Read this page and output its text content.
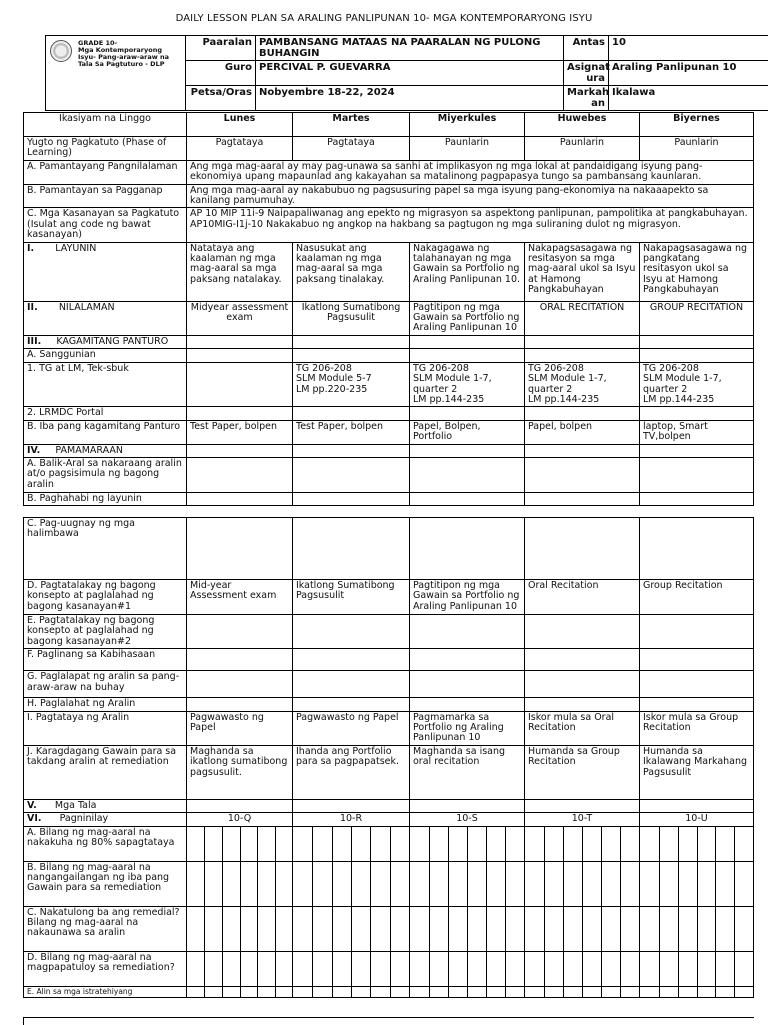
DAILY LESSON PLAN SA ARALING PANLIPUNAN 10- MGA KONTEMPORARYONG ISYU
GRADE 10-
Mga Kontemporaryong
Isyu- Pang-araw-araw na
Tala Sa Pagtuturo - DLP	Paaralan	PAMBANSANG MATAAS NA PAARALAN NG PULONG BUHANGIN	Antas	10
	Guro	PERCIVAL P. GUEVARRA	Asignat
ura	Araling Panlipunan 10
	Petsa/Oras	Nobyembre 18-22, 2024	Markah
an	Ikalawa
Ikasiyam na Linggo	Lunes	Martes	Miyerkules	Huwebes	Biyernes
Yugto ng Pagkatuto (Phase of Learning)	Pagtataya	Pagtataya	Paunlarin	Paunlarin	Paunlarin
A. Pamantayang Pangnilalaman	Ang mga mag-aaral ay may pag-unawa sa sanhi at implikasyon ng mga lokal at pandaidigang isyung pang-ekonomiya upang mapaunlad ang kakayahan sa matalinong pagpapasya tungo sa pambansang kaunlaran.				
B. Pamantayan sa Pagganap	Ang mga mag-aaral ay nakabubuo ng pagsusuring papel sa mga isyung pang-ekonomiya na nakaaapekto sa kanilang pamumuhay.				
C. Mga Kasanayan sa Pagkatuto (Isulat ang code ng bawat kasanayan)	AP 10 MIP 11i-9 Naipapaliwanag ang epekto ng migrasyon sa aspektong panlipunan, pampolitika at pangkabuhayan.
AP10MIG-I1j-10 Nakakabuo ng angkop na hakbang sa pagtugon ng mga suliraning dulot ng migrasyon.				

I. LAYUNIN	Natataya ang kaalaman ng mga mag-aaral sa mga paksang natalakay.	Nasusukat ang kaalaman ng mga mag-aaral sa mga paksang tinalakay.	Nakagagawa ng talahanayan ng mga Gawain sa Portfolio ng Araling Panlipunan 10.	Nakapagsasagawa ng resitasyon sa mga mag-aaral ukol sa Isyu at Hamong Pangkabuhayan	Nakapagsasagawa ng pangkatang resitasyon ukol sa Isyu at Hamong Pangkabuhayan
II. NILALAMAN	Midyear assessment exam	Ikatlong Sumatibong Pagsusulit	Pagtitipon ng mga Gawain sa Portfolio ng Araling Panlipunan 10	ORAL RECITATION	GROUP RECITATION
III. KAGAMITANG PANTURO					
A. Sanggunian					
1. TG at LM, Tek-sbuk		TG 206-208
SLM Module 5-7
LM pp.220-235	TG 206-208
SLM Module 1-7, quarter 2
LM pp.144-235	TG 206-208
SLM Module 1-7, quarter 2
LM pp.144-235	TG 206-208
SLM Module 1-7, quarter 2
LM pp.144-235
2. LRMDC Portal					
B. Iba pang kagamitang Panturo	Test Paper, bolpen	Test Paper, bolpen	Papel, Bolpen, Portfolio	Papel, bolpen	laptop, Smart TV,bolpen
IV. PAMAMARAAN					
A. Balik-Aral sa nakaraang aralin at/o pagsisimula ng bagong aralin					
B. Paghahabi ng layunin					
C. Pag-uugnay ng mga halimbawa					
D. Pagtatalakay ng bagong konsepto at paglalahad ng bagong kasanayan#1	Mid-year Assessment exam	Ikatlong Sumatibong Pagsusulit	Pagtitipon ng mga Gawain sa Portfolio ng Araling Panlipunan 10	Oral Recitation	Group Recitation
E. Pagtatalakay ng bagong konsepto at paglalahad ng bagong kasanayan#2					
F. Paglinang sa Kabihasaan					
G. Paglalapat ng aralin sa pang-araw-araw na buhay					
H. Paglalahat ng Aralin					
I. Pagtataya ng Aralin	Pagwawasto ng Papel	Pagwawasto ng Papel	Pagmamarka sa Portfolio ng Araling Panlipunan 10	Iskor mula sa Oral Recitation	Iskor mula sa Group Recitation
J. Karagdagang Gawain para sa takdang aralin at remediation	Maghanda sa ikatlong sumatibong pagsusulit.	Ihanda ang Portfolio para sa pagpapatsek.	Maghanda sa isang oral recitation	Humanda sa Group Recitation	Humanda sa Ikalawang Markahang Pagsusulit
V. Mga Tala					
VI. Pagninilay	10-Q	10-R	10-S	10-T	10-U
A. Bilang ng mag-aaral na nakakuha ng 80% sapagtataya	

B. Bilang ng mag-aaral na nangangailangan ng iba pang Gawain para sa remediation	

C. Nakatulong ba ang remedial? Bilang ng mag-aaral na nakaunawa sa aralin	

D. Bilang ng mag-aaral na magpapatuloy sa remediation?	

E. Alin sa mga istratehiyang	
